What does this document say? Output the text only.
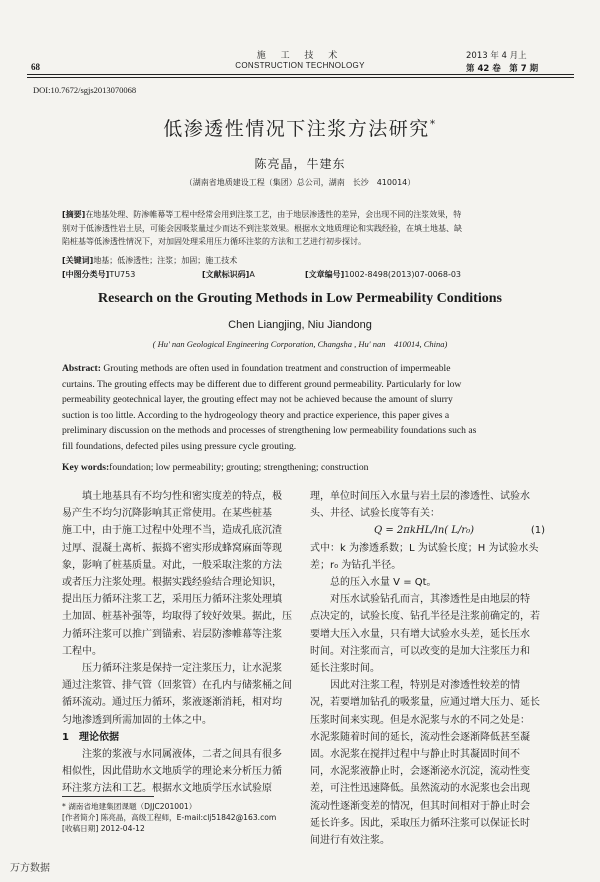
68
施 工 技 术
CONSTRUCTION TECHNOLOGY
2013 年 4 月上
第 42 卷　第 7 期
DOI:10.7672/sgjs2013070068
低渗透性情况下注浆方法研究*
陈亮晶，牛建东
（湖南省地质建设工程（集团）总公司，湖南　长沙　410014）
[摘要]在地基处理、防渗帷幕等工程中经常会用到注浆工艺，由于地层渗透性的差异，会出现不同的注浆效果，特
别对于低渗透性岩土层，可能会因吸浆量过少而达不到注浆效果。根据水文地质理论和实践经验，在填土地基、缺
陷桩基等低渗透性情况下，对加固处理采用压力循环注浆的方法和工艺进行初步探讨。
[关键词]地基；低渗透性；注浆；加固；施工技术
[中图分类号]TU753	[文献标识码]A	[文章编号]1002-8498(2013)07-0068-03
Research on the Grouting Methods in Low Permeability Conditions
Chen Liangjing, Niu Jiandong
( Hu' nan Geological Engineering Corporation, Changsha , Hu' nan　410014, China)
Abstract: Grouting methods are often used in foundation treatment and construction of impermeable
curtains. The grouting effects may be different due to different ground permeability. Particularly for low
permeability geotechnical layer, the grouting effect may not be achieved because the amount of slurry
suction is too little. According to the hydrogeology theory and practice experience, this paper gives a
preliminary discussion on the methods and processes of strengthening low permeability foundations such as
fill foundations, defected piles using pressure cycle grouting.
Key words:foundation; low permeability; grouting; strengthening; construction

填土地基具有不均匀性和密实度差的特点，极

易产生不均匀沉降影响其正常使用。在某些桩基

施工中，由于施工过程中处理不当，造成孔底沉渣

过厚、混凝土离析、振捣不密实形成蜂窝麻面等现

象，影响了桩基质量。对此，一般采取注浆的方法

或者压力注浆处理。根据实践经验结合理论知识，

提出压力循环注浆工艺，采用压力循环注浆处理填

土加固、桩基补强等，均取得了较好效果。据此，压

力循环注浆可以推广到锚索、岩层防渗帷幕等注浆

工程中。

压力循环注浆是保持一定注浆压力，让水泥浆

通过注浆管、排气管（回浆管）在孔内与储浆桶之间

循环流动。通过压力循环，浆液逐渐消耗，相对均

匀地渗透到所需加固的土体之中。

1　理论依据

注浆的浆液与水同属液体，二者之间具有很多

相似性，因此借助水文地质学的理论来分析压力循

环注浆方法和工艺。根据水文地质学压水试验原

理，单位时间压入水量与岩土层的渗透性、试验水

头、井径、试验长度等有关：

Q = 2πkHL/ln( L/r₀)	(1)

式中：k 为渗透系数；L 为试验长度；H 为试验水头

差；r₀ 为钻孔半径。

总的压入水量 V = Qt。

对压水试验钻孔而言，其渗透性是由地层的特

点决定的，试验长度、钻孔半径是注浆前确定的，若

要增大压入水量，只有增大试验水头差，延长压水

时间。对注浆而言，可以改变的是加大注浆压力和

延长注浆时间。

因此对注浆工程，特别是对渗透性较差的情

况，若要增加钻孔的吸浆量，应通过增大压力、延长

压浆时间来实现。但是水泥浆与水的不同之处是：

水泥浆随着时间的延长，流动性会逐渐降低甚至凝

固。水泥浆在搅拌过程中与静止时其凝固时间不

同，水泥浆液静止时，会逐渐泌水沉淀，流动性变

差，可注性迅速降低。虽然流动的水泥浆也会出现

流动性逐渐变差的情况，但其时间相对于静止时会

延长许多。因此，采取压力循环注浆可以保证长时

间进行有效注浆。

* 湖南省地建集团课题（DJJC201001）
[作者简介] 陈亮晶，高级工程师，E-mail:clj51842@163.com
[收稿日期] 2012-04-12
万方数据
